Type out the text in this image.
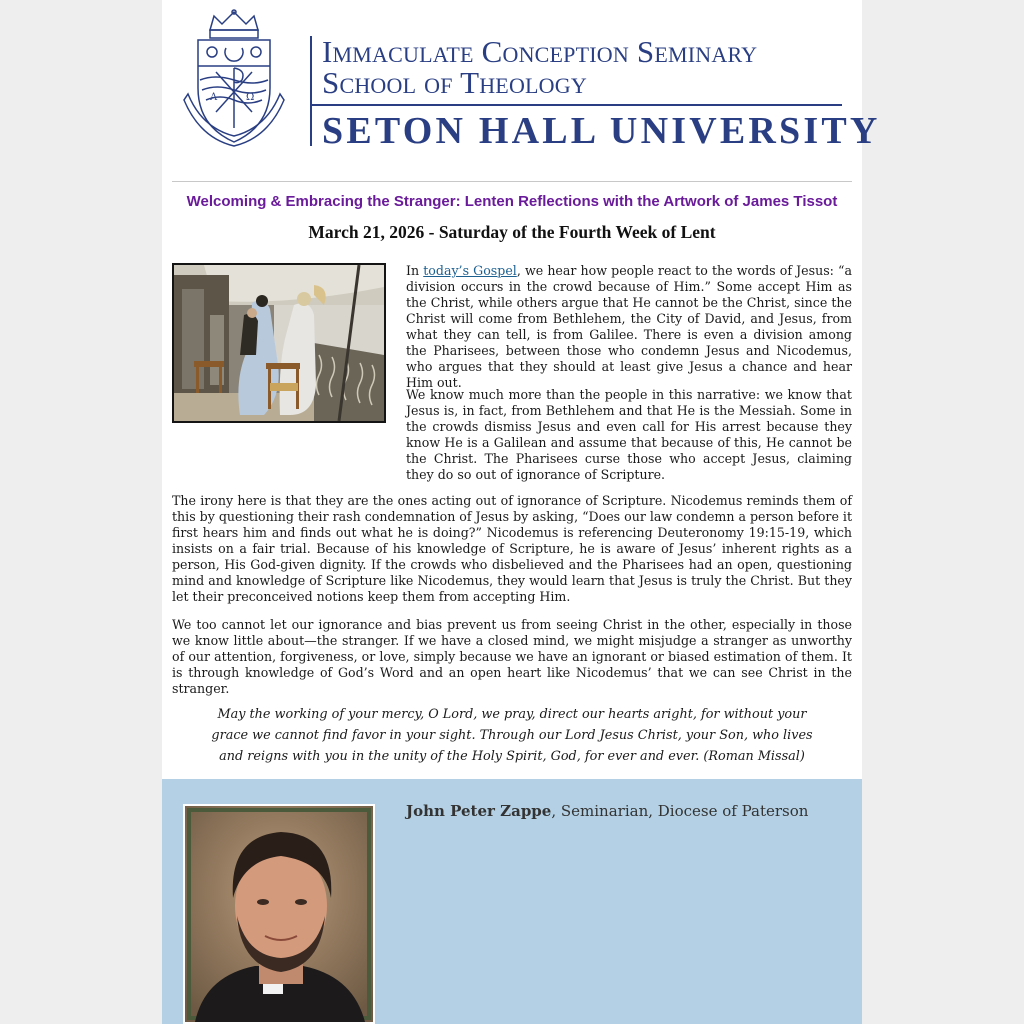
A	Ω
Immaculate Conception Seminary
School of Theology
SETON HALL UNIVERSITY
Welcoming & Embracing the Stranger: Lenten Reflections with the Artwork of James Tissot
March 21, 2026 - Saturday of the Fourth Week of Lent

In today’s Gospel, we hear how people react to the words of Jesus: “a division occurs in the crowd because of Him.” Some accept Him as the Christ, while others argue that He cannot be the Christ, since the Christ will come from Bethlehem, the City of David, and Jesus, from what they can tell, is from Galilee. There is even a division among the Pharisees, between those who condemn Jesus and Nicodemus, who argues that they should at least give Jesus a chance and hear Him out.

We know much more than the people in this narrative: we know that Jesus is, in fact, from Bethlehem and that He is the Messiah. Some in the crowds dismiss Jesus and even call for His arrest because they know He is a Galilean and assume that because of this, He cannot be the Christ. The Pharisees curse those who accept Jesus, claiming they do so out of ignorance of Scripture.

The irony here is that they are the ones acting out of ignorance of Scripture. Nicodemus reminds them of this by questioning their rash condemnation of Jesus by asking, “Does our law condemn a person before it first hears him and finds out what he is doing?” Nicodemus is referencing Deuteronomy 19:15-19, which insists on a fair trial. Because of his knowledge of Scripture, he is aware of Jesus’ inherent rights as a person, His God-given dignity. If the crowds who disbelieved and the Pharisees had an open, questioning mind and knowledge of Scripture like Nicodemus, they would learn that Jesus is truly the Christ. But they let their preconceived notions keep them from accepting Him.

We too cannot let our ignorance and bias prevent us from seeing Christ in the other, especially in those we know little about—the stranger. If we have a closed mind, we might misjudge a stranger as unworthy of our attention, forgiveness, or love, simply because we have an ignorant or biased estimation of them. It is through knowledge of God’s Word and an open heart like Nicodemus’ that we can see Christ in the stranger.

May the working of your mercy, O Lord, we pray, direct our hearts aright, for without your
grace we cannot find favor in your sight. Through our Lord Jesus Christ, your Son, who lives
and reigns with you in the unity of the Holy Spirit, God, for ever and ever. (Roman Missal)
John Peter Zappe, Seminarian, Diocese of Paterson
